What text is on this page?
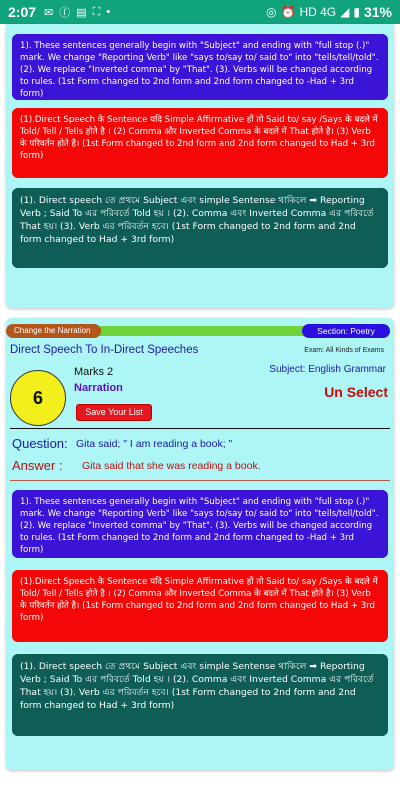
2:07 ✉ ⓕ ▤ ⛶ •	◎ ⏰ HD 4G ◢ ▮ 31%
1). These sentences generally begin with "Subject" and ending with "full stop (.)" mark. We change "Reporting Verb" like "says to/say to/ said to" into "tells/tell/told". (2). We replace "Inverted comma" by "That". (3). Verbs will be changed according to rules. (1st Form changed to 2nd form and 2nd form changed to -Had + 3rd form)
(1).Direct Speech के Sentence यदि Simple Affirmative हों तो Said to/ say /Says के बदले में Told/ Tell / Tells होते है । (2) Comma और Inverted Comma के बदले में That होते है। (3) Verb के परिवर्तन होते है। (1st Form changed to 2nd form and 2nd form changed to Had + 3rd form)
(1). Direct speech তে প্রথমে Subject এবং simple Sentense থাকিলে ➡ Reporting Verb ; Said To এর পরিবর্তে Told হয় । (2). Comma এবং Inverted Comma এর পরিবর্তে That হয়। (3). Verb এর পরিবর্তন হবে। (1st Form changed to 2nd form and 2nd form changed to Had + 3rd form)
Change the Narration	Section: Poetry
Direct Speech To In-Direct Speeches	Exam: All Kinds of Exams
Subject: English Grammar
6
Marks 2
Narration
Save Your List
Un Select
Question: Gita said; " I am reading a book; "
Answer : Gita said that she was reading a book.
1). These sentences generally begin with "Subject" and ending with "full stop (.)" mark. We change "Reporting Verb" like "says to/say to/ said to" into "tells/tell/told". (2). We replace "Inverted comma" by "That". (3). Verbs will be changed according to rules. (1st Form changed to 2nd form and 2nd form changed to -Had + 3rd form)
(1).Direct Speech के Sentence यदि Simple Affirmative हों तो Said to/ say /Says के बदले में Told/ Tell / Tells होते है । (2) Comma और Inverted Comma के बदले में That होते है। (3) Verb के परिवर्तन होते है। (1st Form changed to 2nd form and 2nd form changed to Had + 3rd form)
(1). Direct speech তে প্রথমে Subject এবং simple Sentense থাকিলে ➡ Reporting Verb ; Said To এর পরিবর্তে Told হয় । (2). Comma এবং Inverted Comma এর পরিবর্তে That হয়। (3). Verb এর পরিবর্তন হবে। (1st Form changed to 2nd form and 2nd form changed to Had + 3rd form)
